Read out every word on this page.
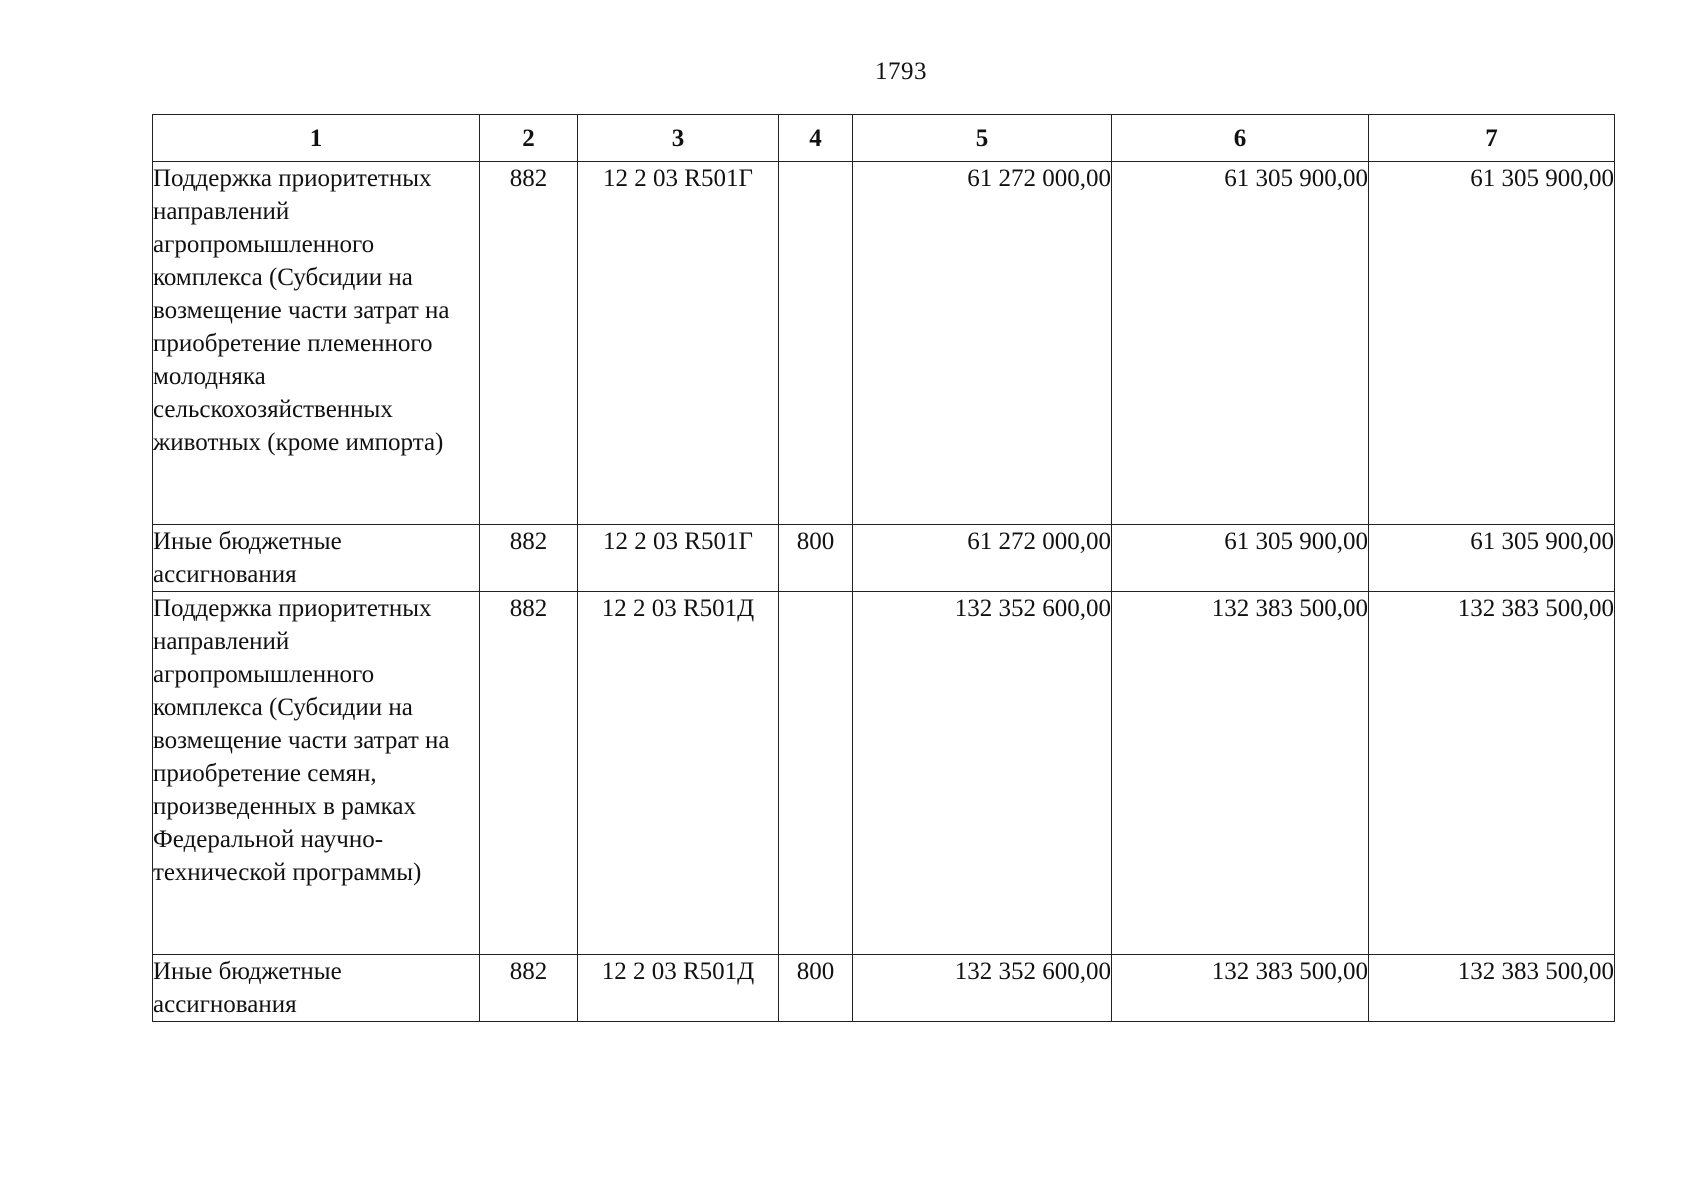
1793
1	2	3	4	5	6	7
Поддержка приоритетных направлений агропромышленного комплекса (Субсидии на возмещение части затрат на приобретение племенного молодняка сельскохозяйственных животных (кроме импорта)	882	12 2 03 R501Г		61 272 000,00	61 305 900,00	61 305 900,00
Иные бюджетные ассигнования	882	12 2 03 R501Г	800	61 272 000,00	61 305 900,00	61 305 900,00
Поддержка приоритетных направлений агропромышленного комплекса (Субсидии на возмещение части затрат на приобретение семян, произведенных в рамках Федеральной научно-технической программы)	882	12 2 03 R501Д		132 352 600,00	132 383 500,00	132 383 500,00
Иные бюджетные ассигнования	882	12 2 03 R501Д	800	132 352 600,00	132 383 500,00	132 383 500,00
